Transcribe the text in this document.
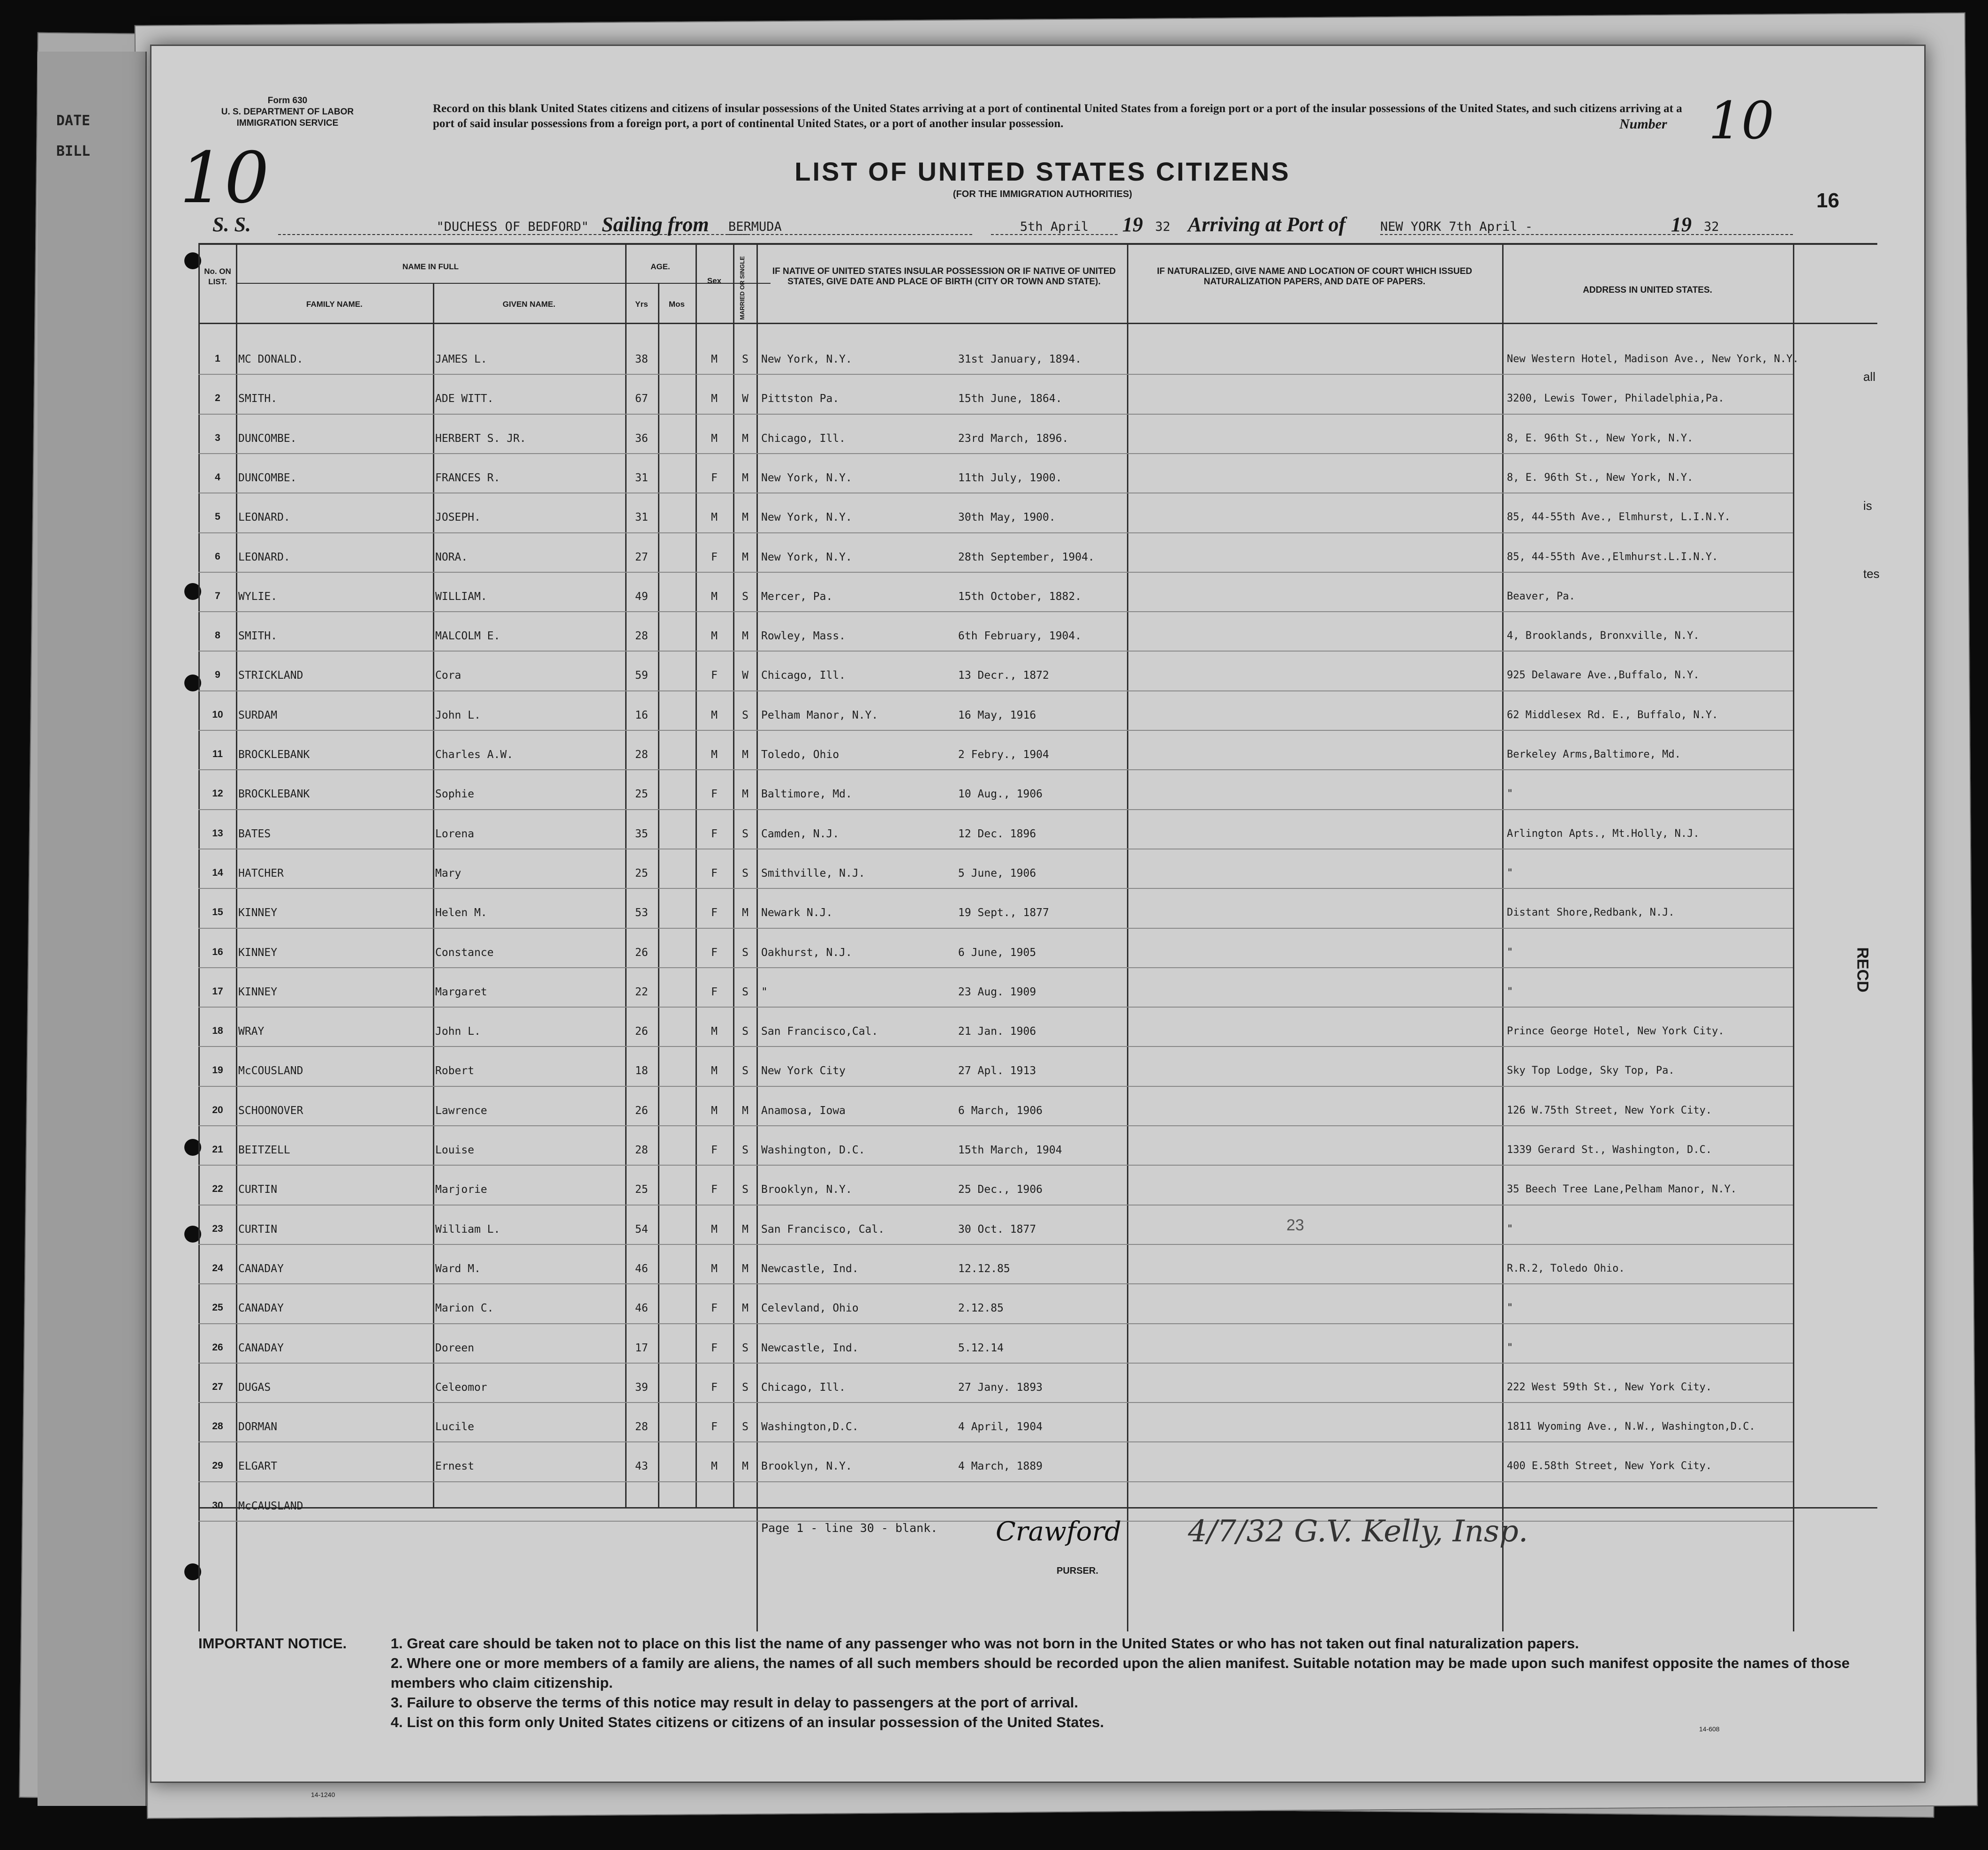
DATE
BILL
Form 630
U. S. DEPARTMENT OF LABOR
IMMIGRATION SERVICE
Record on this blank United States citizens and citizens of insular possessions of the United States arriving at a port of continental United States from a foreign port or a port of the insular possessions of the United States, and such citizens arriving at a port of said insular possessions from a foreign port, a port of continental United States, or a port of another insular possession.	Number 10
10	LIST OF UNITED STATES CITIZENS
(FOR THE IMMIGRATION AUTHORITIES)	16
S. S.	"DUCHESS OF BEDFORD" Sailing from BERMUDA	5th April	19 32 Arriving at Port of	NEW YORK 7th April -	19 32
No. ON LIST.
NAME IN FULL
FAMILY NAME.	GIVEN NAME.
AGE.
Yrs	Mos
Sex	MARRIED OR SINGLE	IF NATIVE OF UNITED STATES INSULAR POSSESSION OR IF NATIVE OF UNITED STATES, GIVE DATE AND PLACE OF BIRTH (CITY OR TOWN AND STATE).
IF NATURALIZED, GIVE NAME AND LOCATION OF COURT WHICH ISSUED NATURALIZATION PAPERS, AND DATE OF PAPERS.
ADDRESS IN UNITED STATES.
1	MC DONALD.	JAMES L.	38	M	S	New York, N.Y.	31st January, 1894.	New Western Hotel, Madison Ave., New York, N.Y.
2	SMITH.	ADE WITT.	67	M	W	Pittston Pa.	15th June, 1864.	3200, Lewis Tower, Philadelphia,Pa.
3	DUNCOMBE.	HERBERT S. JR.	36	M	M	Chicago, Ill.	23rd March, 1896.	8, E. 96th St., New York, N.Y.
4	DUNCOMBE.	FRANCES R.	31	F	M	New York, N.Y.	11th July, 1900.	8, E. 96th St., New York, N.Y.
5	LEONARD.	JOSEPH.	31	M	M	New York, N.Y.	30th May, 1900.	85, 44-55th Ave., Elmhurst, L.I.N.Y.
6	LEONARD.	NORA.	27	F	M	New York, N.Y.	28th September, 1904.	85, 44-55th Ave.,Elmhurst.L.I.N.Y.
7	WYLIE.	WILLIAM.	49	M	S	Mercer, Pa.	15th October, 1882.	Beaver, Pa.
8	SMITH.	MALCOLM E.	28	M	M	Rowley, Mass.	6th February, 1904.	4, Brooklands, Bronxville, N.Y.
9	STRICKLAND	Cora	59	F	W	Chicago, Ill.	13 Decr., 1872	925 Delaware Ave.,Buffalo, N.Y.
10	SURDAM	John L.	16	M	S	Pelham Manor, N.Y.	16 May, 1916	62 Middlesex Rd. E., Buffalo, N.Y.
11	BROCKLEBANK	Charles A.W.	28	M	M	Toledo, Ohio	2 Febry., 1904	Berkeley Arms,Baltimore, Md.
12	BROCKLEBANK	Sophie	25	F	M	Baltimore, Md.	10 Aug., 1906	"
13	BATES	Lorena	35	F	S	Camden, N.J.	12 Dec. 1896	Arlington Apts., Mt.Holly, N.J.
14	HATCHER	Mary	25	F	S	Smithville, N.J.	5 June, 1906	"
15	KINNEY	Helen M.	53	F	M	Newark N.J.	19 Sept., 1877	Distant Shore,Redbank, N.J.
16	KINNEY	Constance	26	F	S	Oakhurst, N.J.	6 June, 1905	"
17	KINNEY	Margaret	22	F	S	"	23 Aug. 1909	"
18	WRAY	John L.	26	M	S	San Francisco,Cal.	21 Jan. 1906	Prince George Hotel, New York City.
19	McCOUSLAND	Robert	18	M	S	New York City	27 Apl. 1913	Sky Top Lodge, Sky Top, Pa.
20	SCHOONOVER	Lawrence	26	M	M	Anamosa, Iowa	6 March, 1906	126 W.75th Street, New York City.
21	BEITZELL	Louise	28	F	S	Washington, D.C.	15th March, 1904	1339 Gerard St., Washington, D.C.
22	CURTIN	Marjorie	25	F	S	Brooklyn, N.Y.	25 Dec., 1906	35 Beech Tree Lane,Pelham Manor, N.Y.
23	CURTIN	William L.	54	M	M	San Francisco, Cal.	30 Oct. 1877	"
24	CANADAY	Ward M.	46	M	M	Newcastle, Ind.	12.12.85	R.R.2, Toledo Ohio.
25	CANADAY	Marion C.	46	F	M	Celevland, Ohio	2.12.85	"
26	CANADAY	Doreen	17	F	S	Newcastle, Ind.	5.12.14	"
27	DUGAS	Celeomor	39	F	S	Chicago, Ill.	27 Jany. 1893	222 West 59th St., New York City.
28	DORMAN	Lucile	28	F	S	Washington,D.C.	4 April, 1904	1811 Wyoming Ave., N.W., Washington,D.C.
29	ELGART	Ernest	43	M	M	Brooklyn, N.Y.	4 March, 1889	400 E.58th Street, New York City.
30	McCAUSLAND
Page 1 - line 30 - blank. Crawford
PURSER.
4/7/32 G.V. Kelly, Insp.
23
IMPORTANT NOTICE.	1. Great care should be taken not to place on this list the name of any passenger who was not born in the United States or who has not taken out final naturalization papers.
2. Where one or more members of a family are aliens, the names of all such members should be recorded upon the alien manifest. Suitable notation may be made upon such manifest opposite the names of those members who claim citizenship.
3. Failure to observe the terms of this notice may result in delay to passengers at the port of arrival.
4. List on this form only United States citizens or citizens of an insular possession of the United States.	14-608
14-1240
all
is
tes
RECD
